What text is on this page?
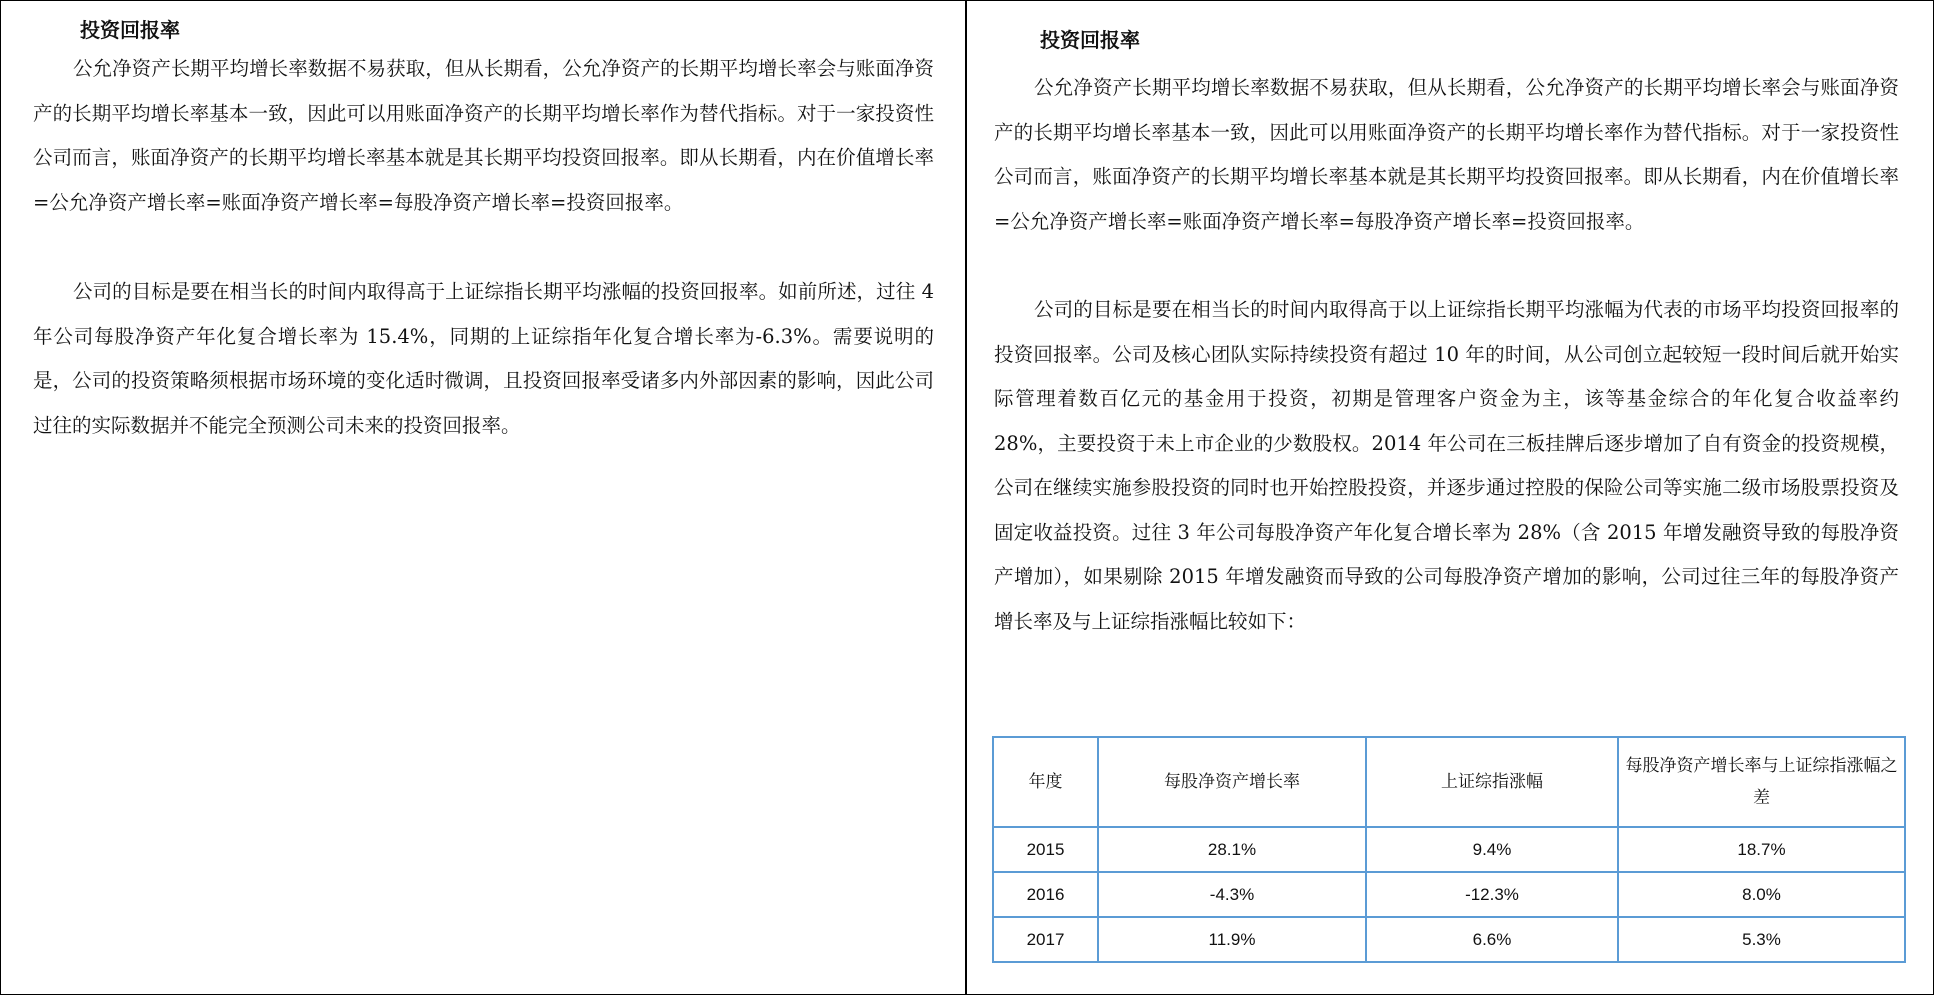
投资回报率

公允净资产长期平均增长率数据不易获取，但从长期看，公允净资产的长期平均增长率会与账面净资产的长期平均增长率基本一致，因此可以用账面净资产的长期平均增长率作为替代指标。对于一家投资性公司而言，账面净资产的长期平均增长率基本就是其长期平均投资回报率。即从长期看，内在价值增长率=公允净资产增长率=账面净资产增长率=每股净资产增长率=投资回报率。

公司的目标是要在相当长的时间内取得高于上证综指长期平均涨幅的投资回报率。如前所述，过往 4 年公司每股净资产年化复合增长率为 15.4%，同期的上证综指年化复合增长率为-6.3%。需要说明的是，公司的投资策略须根据市场环境的变化适时微调，且投资回报率受诸多内外部因素的影响，因此公司过往的实际数据并不能完全预测公司未来的投资回报率。

投资回报率

公允净资产长期平均增长率数据不易获取，但从长期看，公允净资产的长期平均增长率会与账面净资产的长期平均增长率基本一致，因此可以用账面净资产的长期平均增长率作为替代指标。对于一家投资性公司而言，账面净资产的长期平均增长率基本就是其长期平均投资回报率。即从长期看，内在价值增长率=公允净资产增长率=账面净资产增长率=每股净资产增长率=投资回报率。

公司的目标是要在相当长的时间内取得高于以上证综指长期平均涨幅为代表的市场平均投资回报率的投资回报率。公司及核心团队实际持续投资有超过 10 年的时间，从公司创立起较短一段时间后就开始实际管理着数百亿元的基金用于投资，初期是管理客户资金为主，该等基金综合的年化复合收益率约 28%，主要投资于未上市企业的少数股权。2014 年公司在三板挂牌后逐步增加了自有资金的投资规模，公司在继续实施参股投资的同时也开始控股投资，并逐步通过控股的保险公司等实施二级市场股票投资及固定收益投资。过往 3 年公司每股净资产年化复合增长率为 28%（含 2015 年增发融资导致的每股净资产增加），如果剔除 2015 年增发融资而导致的公司每股净资产增加的影响，公司过往三年的每股净资产增长率及与上证综指涨幅比较如下：

年度	每股净资产增长率	上证综指涨幅	每股净资产增长率与上证综指涨幅之差
2015	28.1%	9.4%	18.7%
2016	-4.3%	-12.3%	8.0%
2017	11.9%	6.6%	5.3%
